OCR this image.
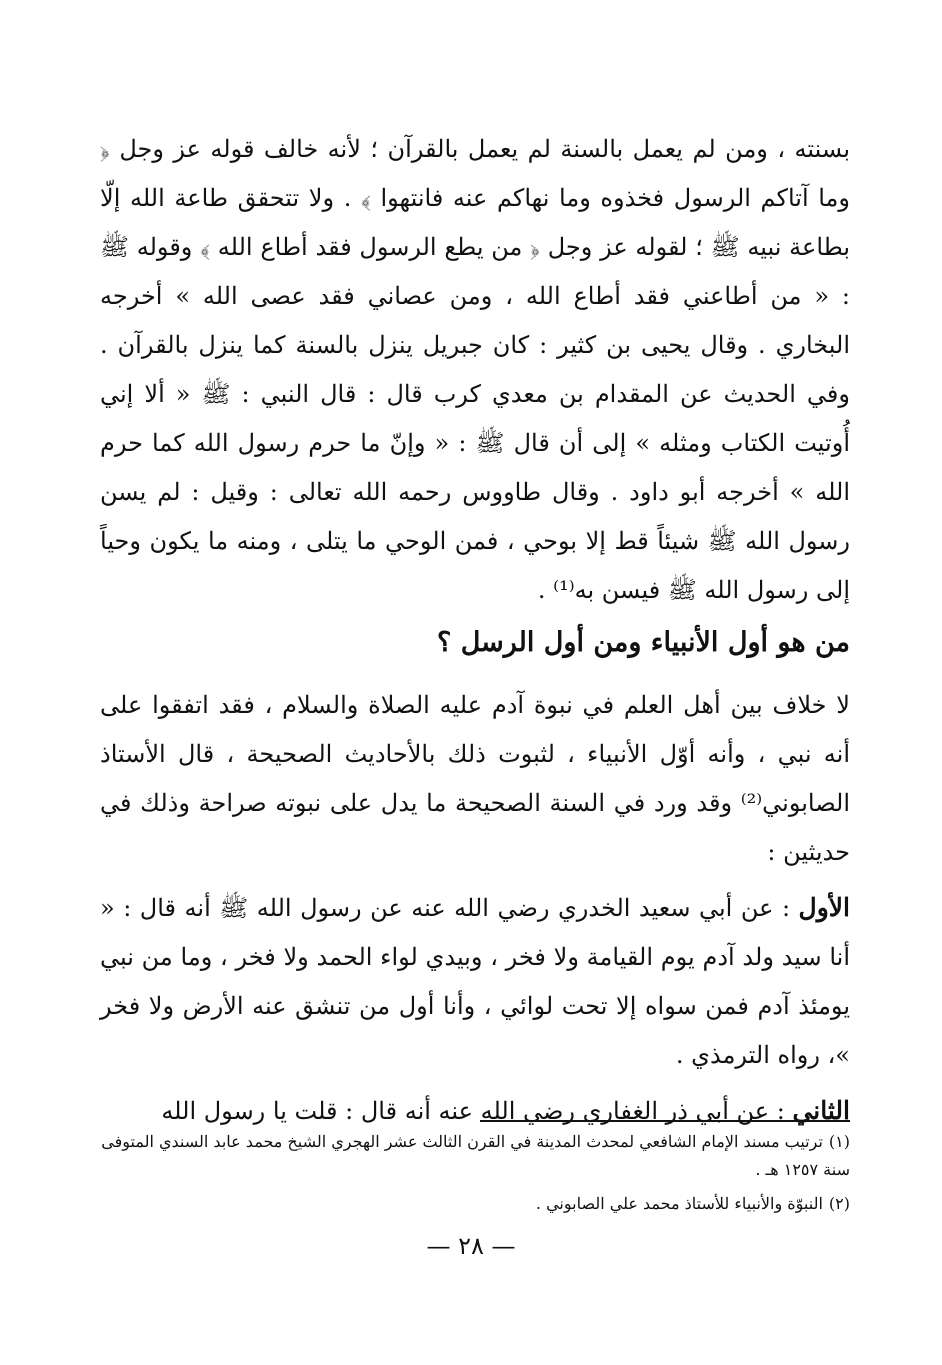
بسنته ، ومن لم يعمل بالسنة لم يعمل بالقرآن ؛ لأنه خالف قوله عز وجل ﴿ وما آتاكم الرسول فخذوه وما نهاكم عنه فانتهوا ﴾ . ولا تتحقق طاعة الله إلّا بطاعة نبيه ﷺ ؛ لقوله عز وجل ﴿ من يطع الرسول فقد أطاع الله ﴾ وقوله ﷺ : « من أطاعني فقد أطاع الله ، ومن عصاني فقد عصى الله » أخرجه البخاري . وقال يحيى بن كثير : كان جبريل ينزل بالسنة كما ينزل بالقرآن . وفي الحديث عن المقدام بن معدي كرب قال : قال النبي : ﷺ « ألا إني أُوتيت الكتاب ومثله » إلى أن قال ﷺ : « وإنّ ما حرم رسول الله كما حرم الله » أخرجه أبو داود . وقال طاووس رحمه الله تعالى : وقيل : لم يسن رسول الله ﷺ شيئاً قط إلا بوحي ، فمن الوحي ما يتلى ، ومنه ما يكون وحياً إلى رسول الله ﷺ فيسن به⁽¹⁾ .

من هو أول الأنبياء ومن أول الرسل ؟

لا خلاف بين أهل العلم في نبوة آدم عليه الصلاة والسلام ، فقد اتفقوا على أنه نبي ، وأنه أوّل الأنبياء ، لثبوت ذلك بالأحاديث الصحيحة ، قال الأستاذ الصابوني⁽²⁾ وقد ورد في السنة الصحيحة ما يدل على نبوته صراحة وذلك في حديثين :

الأول : عن أبي سعيد الخدري رضي الله عنه عن رسول الله ﷺ أنه قال : « أنا سيد ولد آدم يوم القيامة ولا فخر ، وبيدي لواء الحمد ولا فخر ، وما من نبي يومئذ آدم فمن سواه إلا تحت لوائي ، وأنا أول من تنشق عنه الأرض ولا فخر »، رواه الترمذي .

الثاني : عن أبي ذر الغفاري رضي الله عنه أنه قال : قلت يا رسول الله

(١)ترتيب مسند الإمام الشافعي لمحدث المدينة في القرن الثالث عشر الهجري الشيخ محمد عابد السندي المتوفى سنة ١٢٥٧ هـ .

(٢)النبوّة والأنبياء للأستاذ محمد علي الصابوني .

— ٢٨ —
